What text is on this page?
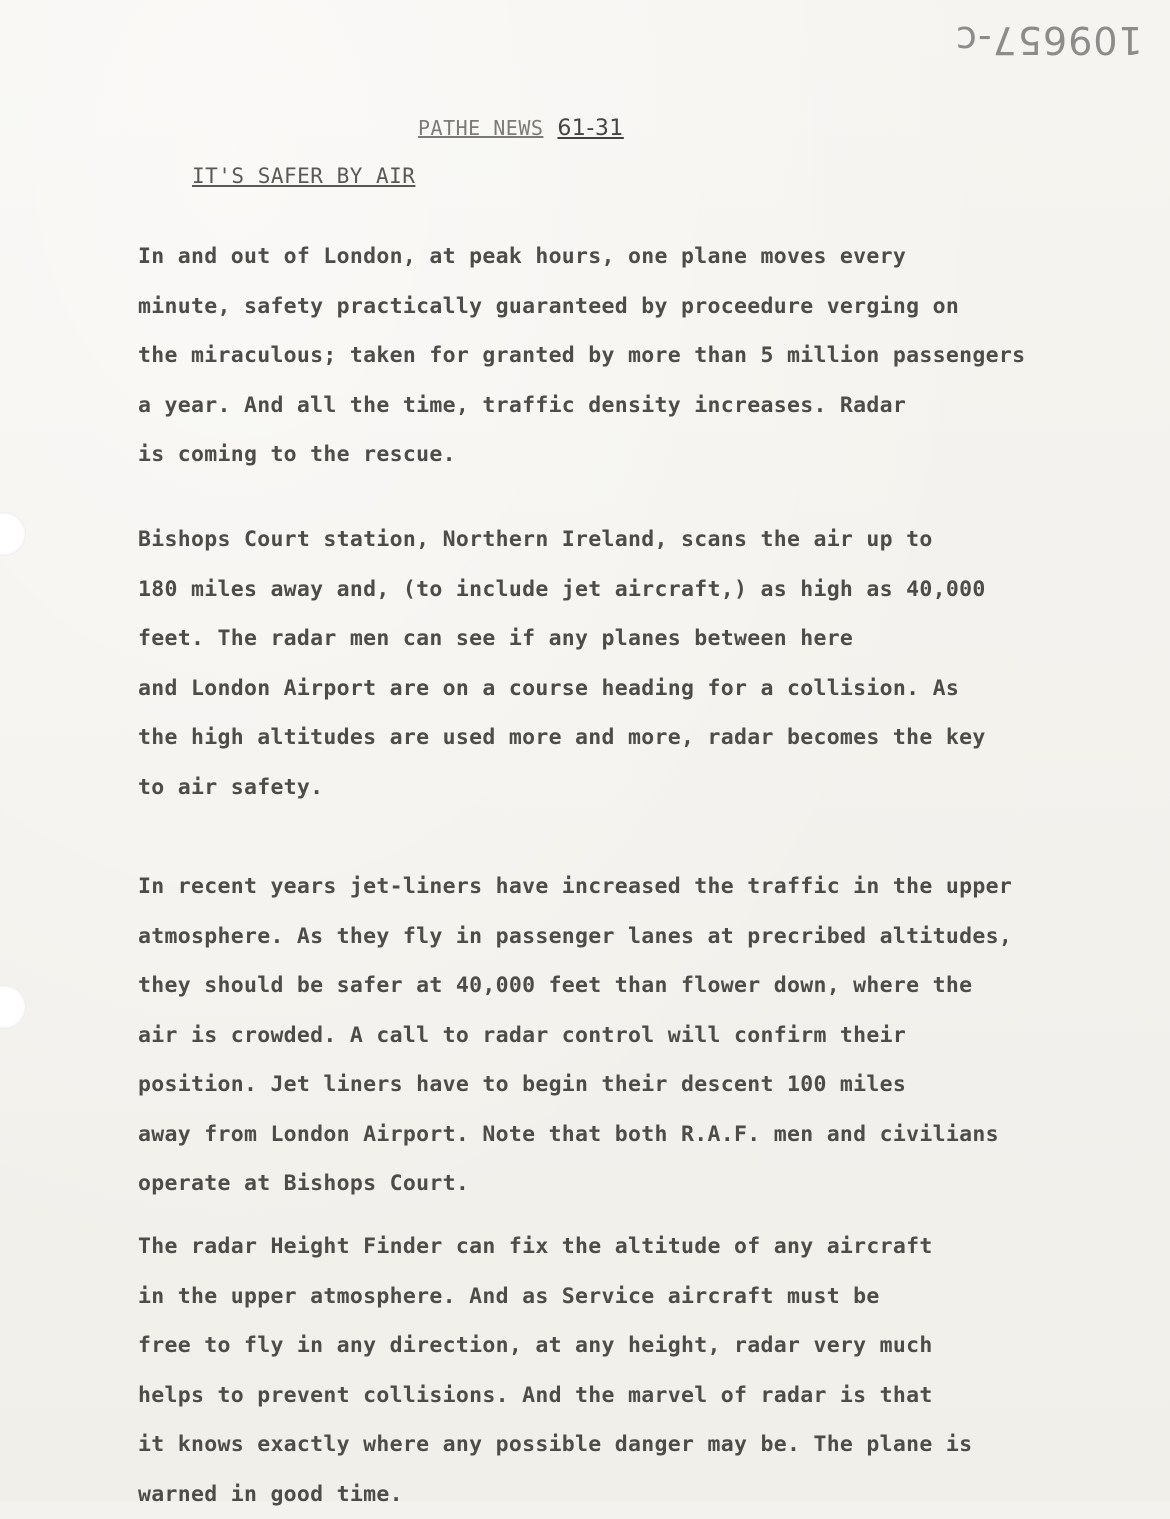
109657-c
PATHE NEWS 61-31
IT'S SAFER BY AIR

In and out of London, at peak hours, one plane moves every
minute, safety practically guaranteed by proceedure verging on
the miraculous; taken for granted by more than 5 million passengers
a year. And all the time, traffic density increases. Radar
is coming to the rescue.

Bishops Court station, Northern Ireland, scans the air up to
180 miles away and, (to include jet aircraft,) as high as 40,000
feet. The radar men can see if any planes between here
and London Airport are on a course heading for a collision. As
the high altitudes are used more and more, radar becomes the key
to air safety.

In recent years jet-liners have increased the traffic in the upper
atmosphere. As they fly in passenger lanes at precribed altitudes,
they should be safer at 40,000 feet than flower down, where the
air is crowded. A call to radar control will confirm their
position. Jet liners have to begin their descent 100 miles
away from London Airport. Note that both R.A.F. men and civilians
operate at Bishops Court.

The radar Height Finder can fix the altitude of any aircraft
in the upper atmosphere. And as Service aircraft must be
free to fly in any direction, at any height, radar very much
helps to prevent collisions. And the marvel of radar is that
it knows exactly where any possible danger may be. The plane is
warned in good time.
